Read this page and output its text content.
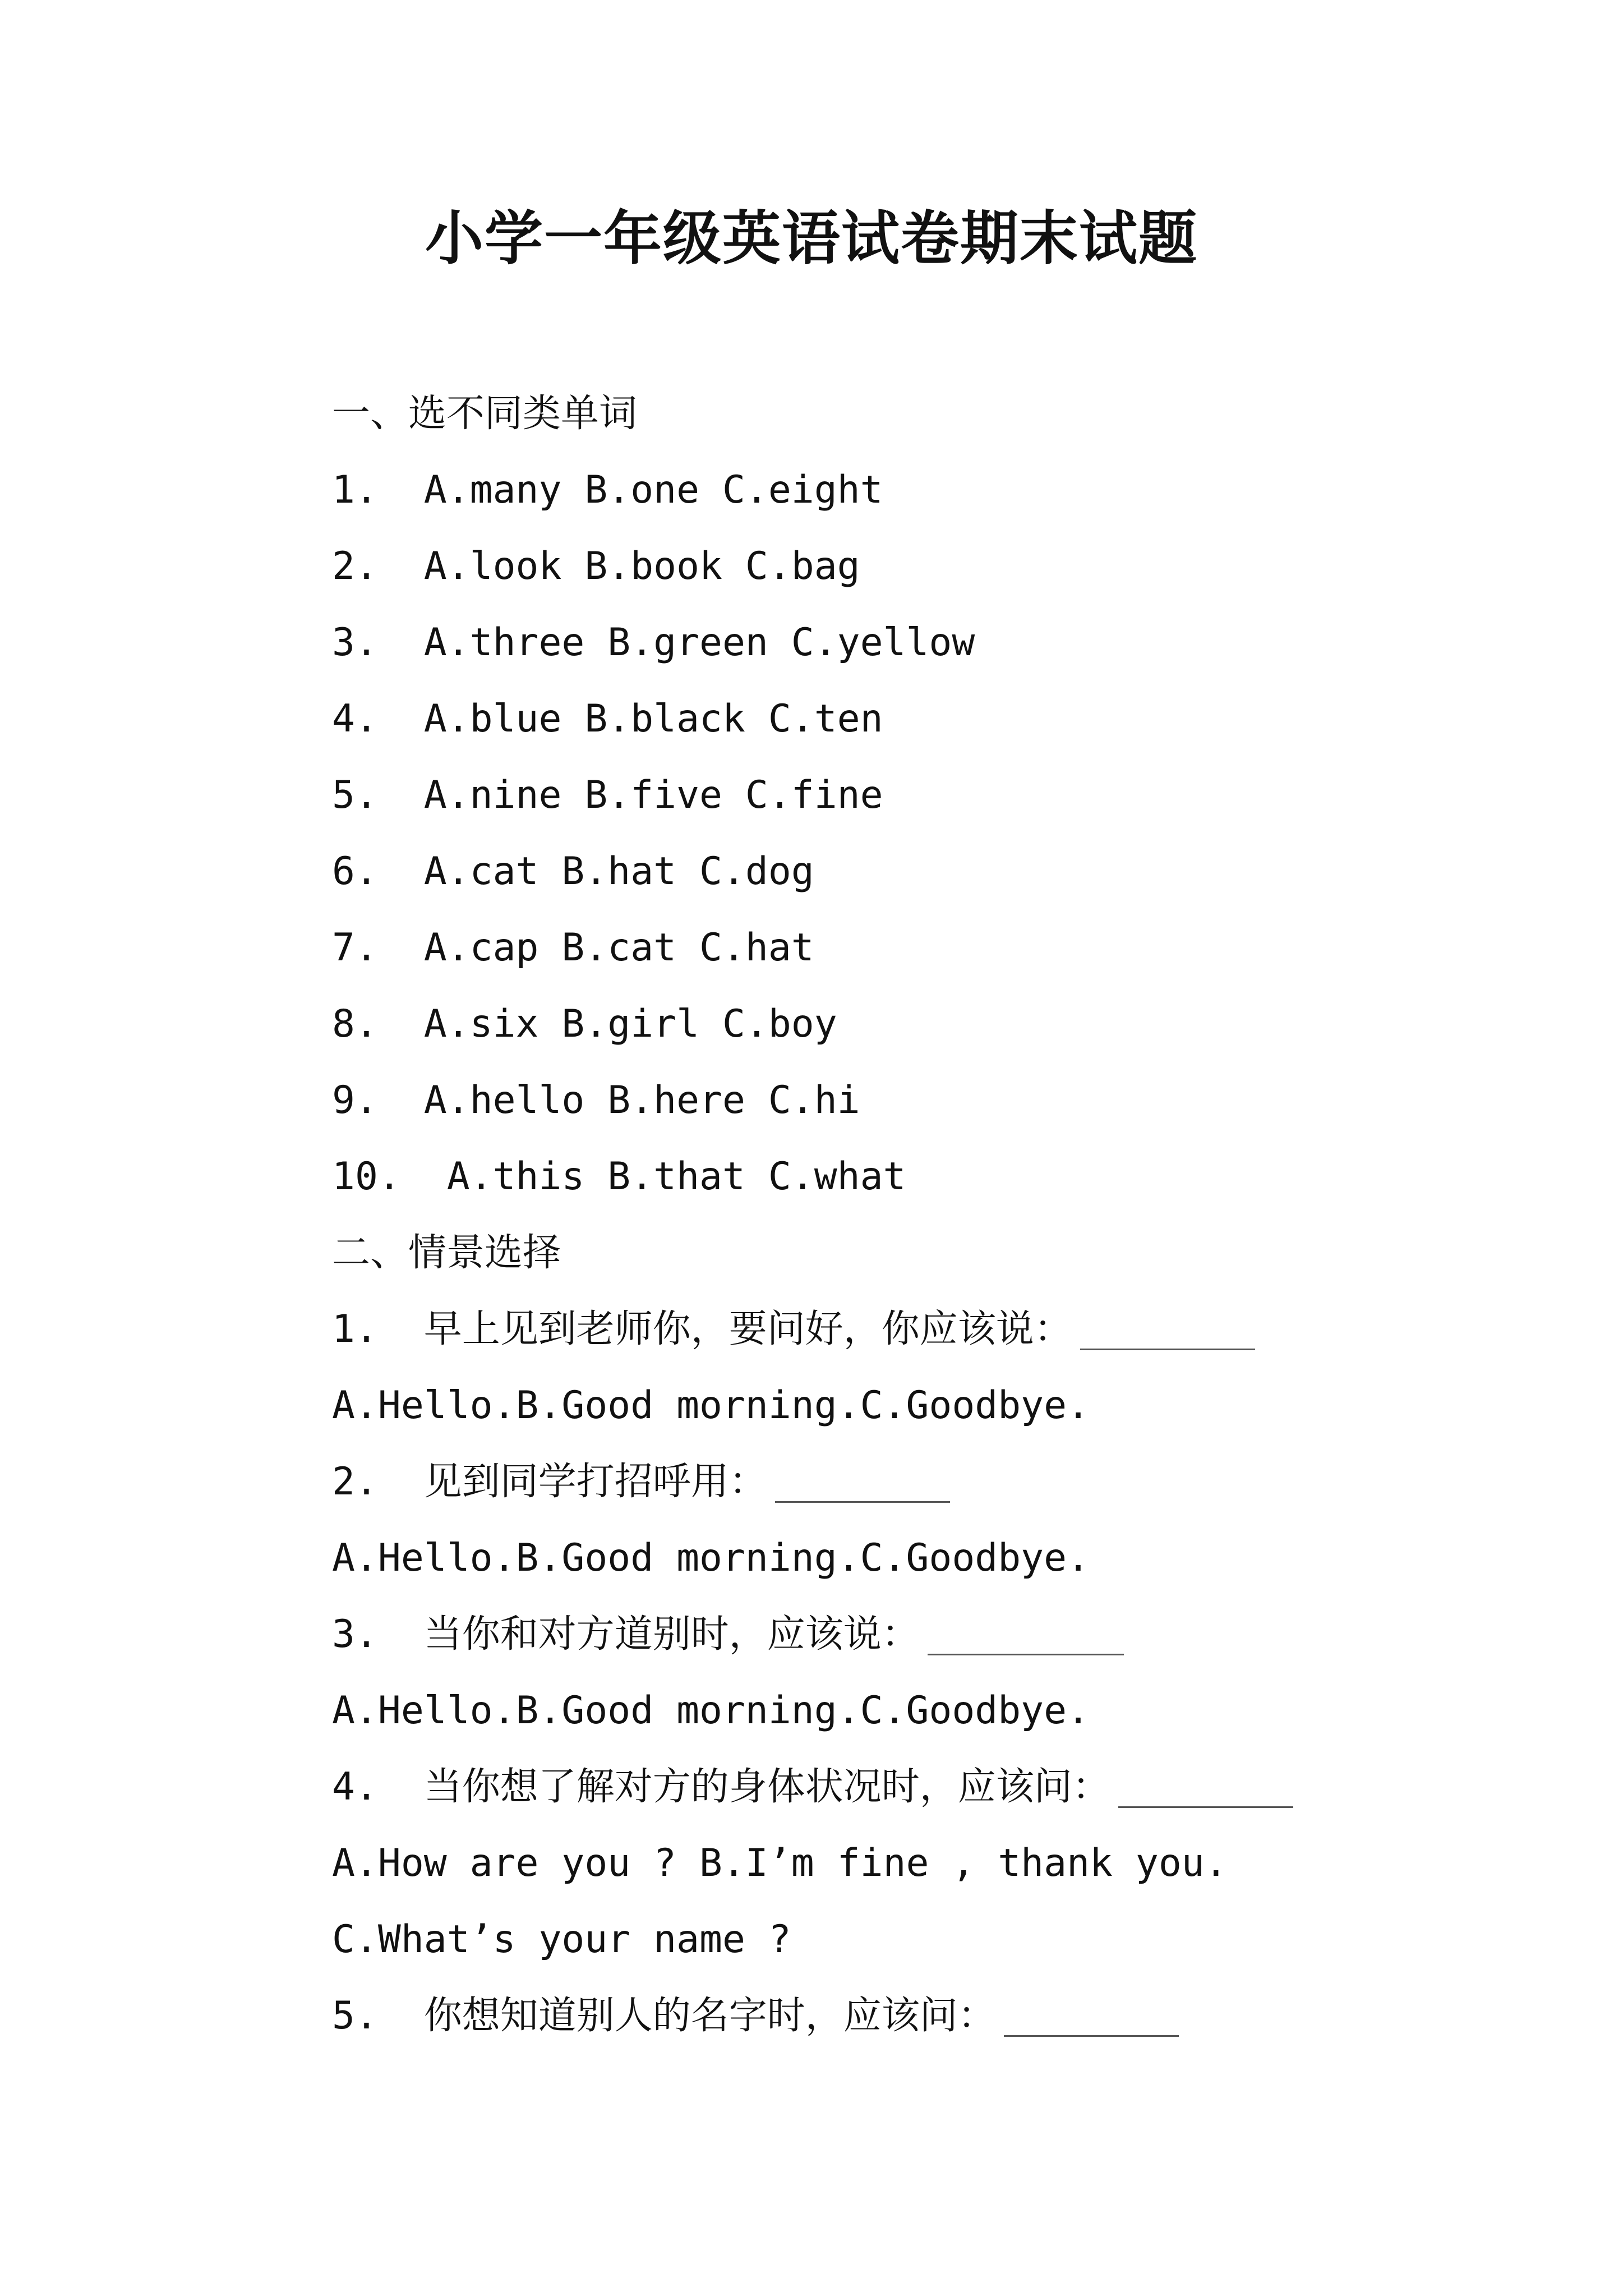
小学一年级英语试卷期末试题
一、选不同类单词
1.  A.many B.one C.eight
2.  A.look B.book C.bag
3.  A.three B.green C.yellow
4.  A.blue B.black C.ten
5.  A.nine B.five C.fine
6.  A.cat B.hat C.dog
7.  A.cap B.cat C.hat
8.  A.six B.girl C.boy
9.  A.hello B.here C.hi
10.  A.this B.that C.what
二、情景选择
1.  早上见到老师你，要问好，你应该说：
A.Hello.B.Good morning.C.Goodbye.
2.  见到同学打招呼用：
A.Hello.B.Good morning.C.Goodbye.
3.  当你和对方道别时，应该说：
A.Hello.B.Good morning.C.Goodbye.
4.  当你想了解对方的身体状况时，应该问：
A.How are you ? B.I’m fine , thank you.
C.What’s your name ?
5.  你想知道别人的名字时，应该问：
